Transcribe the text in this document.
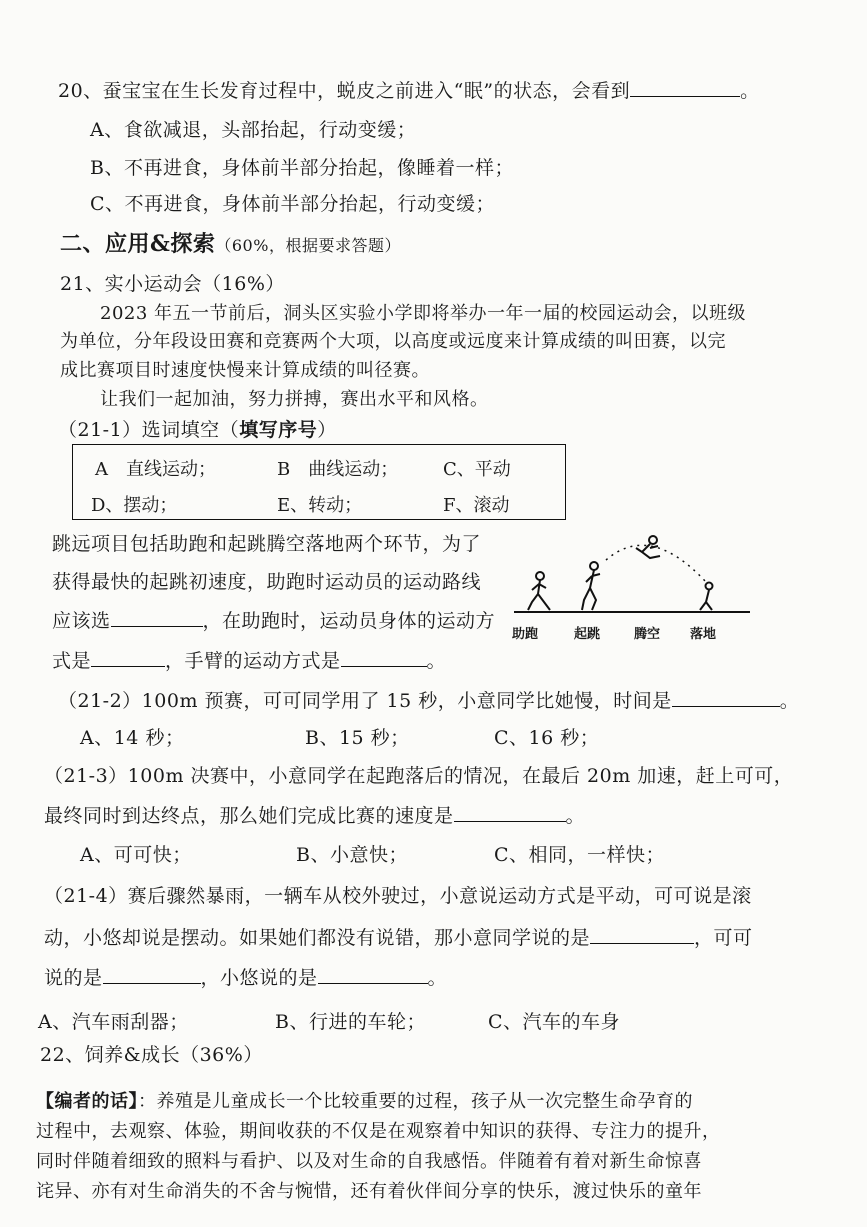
20、蚕宝宝在生长发育过程中，蜕皮之前进入“眠”的状态，会看到	。
A、食欲减退，头部抬起，行动变缓；
B、不再进食，身体前半部分抬起，像睡着一样；
C、不再进食，身体前半部分抬起，行动变缓；
二、应用&探索（60%，根据要求答题）
21、实小运动会（16%）
2023 年五一节前后，洞头区实验小学即将举办一年一届的校园运动会，以班级
为单位，分年段设田赛和竞赛两个大项，以高度或远度来计算成绩的叫田赛，以完
成比赛项目时速度快慢来计算成绩的叫径赛。
让我们一起加油，努力拼搏，赛出水平和风格。
（21-1）选词填空（填写序号）
A　直线运动；	B　曲线运动； C、平动
D、摆动；	E、转动；	F、滚动
跳远项目包括助跑和起跳腾空落地两个环节，为了
获得最快的起跳初速度，助跑时运动员的运动路线
应该选	，在助跑时，运动员身体的运动方
式是	，手臂的运动方式是	。
助跑	起跳	腾空 落地
（21-2）100m 预赛，可可同学用了 15 秒，小意同学比她慢，时间是	。
A、14 秒；	B、15 秒；	C、16 秒；
（21-3）100m 决赛中，小意同学在起跑落后的情况，在最后 20m 加速，赶上可可，
最终同时到达终点，那么她们完成比赛的速度是	。
A、可可快；	B、小意快；	C、相同，一样快；
（21-4）赛后骤然暴雨，一辆车从校外驶过，小意说运动方式是平动，可可说是滚
动，小悠却说是摆动。如果她们都没有说错，那小意同学说的是	，可可
说的是	，小悠说的是	。
A、汽车雨刮器；	B、行进的车轮；	C、汽车的车身
22、饲养&成长（36%）
【编者的话】：养殖是儿童成长一个比较重要的过程，孩子从一次完整生命孕育的
过程中，去观察、体验，期间收获的不仅是在观察着中知识的获得、专注力的提升，
同时伴随着细致的照料与看护、以及对生命的自我感悟。伴随着有着对新生命惊喜
诧异、亦有对生命消失的不舍与惋惜，还有着伙伴间分享的快乐，渡过快乐的童年
